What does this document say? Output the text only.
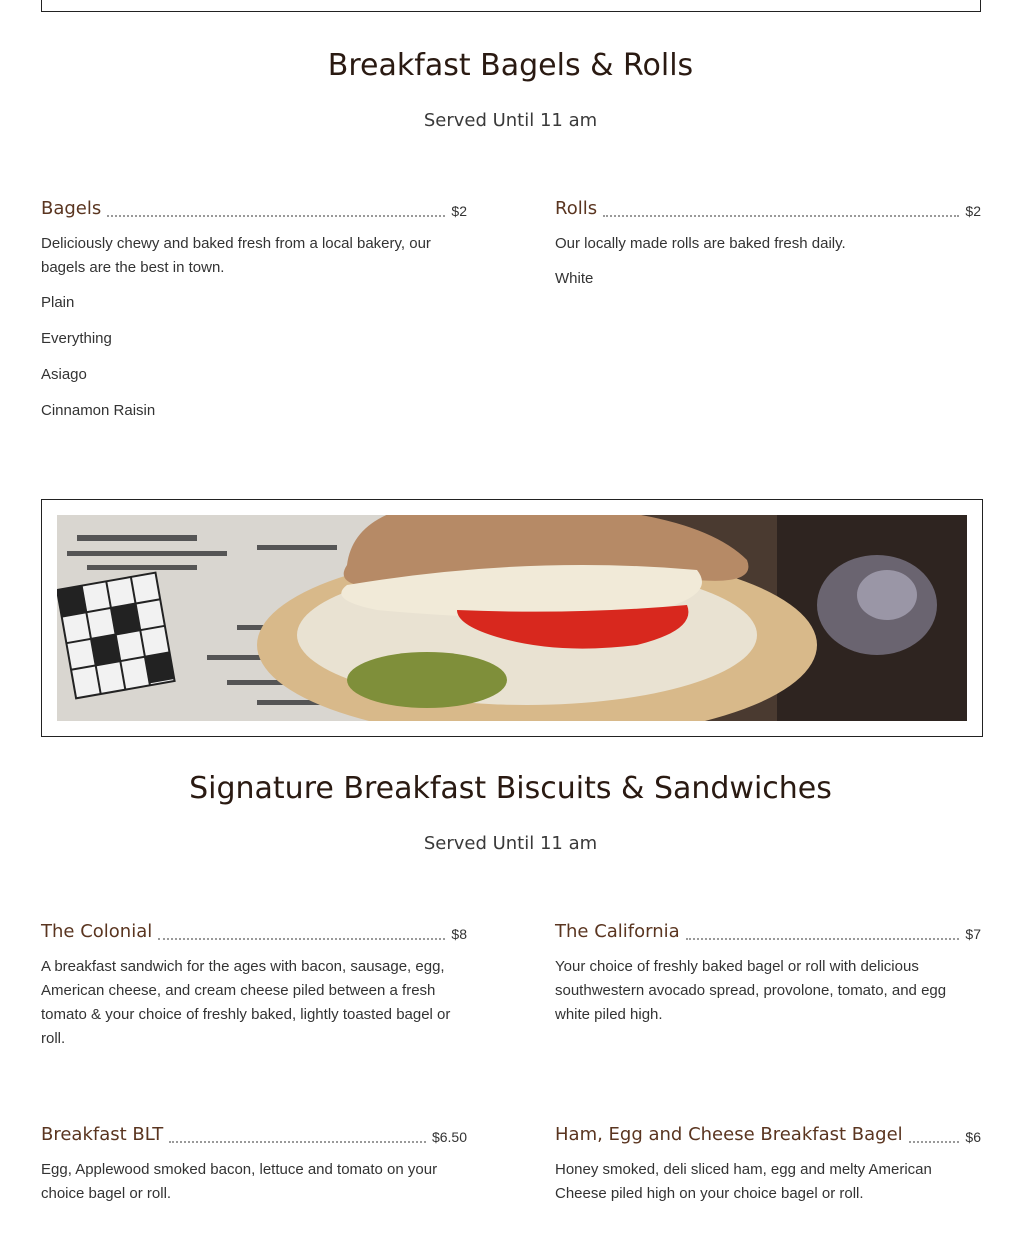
Breakfast Bagels & Rolls
Served Until 11 am
Bagels	$2
Deliciously chewy and baked fresh from a local bakery, our bagels are the best in town.
Plain
Everything
Asiago
Cinnamon Raisin
Rolls	$2
Our locally made rolls are baked fresh daily.
White
Signature Breakfast Biscuits & Sandwiches
Served Until 11 am
The Colonial	$8
A breakfast sandwich for the ages with bacon, sausage, egg, American cheese, and cream cheese piled between a fresh tomato & your choice of freshly baked, lightly toasted bagel or roll.
The California	$7
Your choice of freshly baked bagel or roll with delicious southwestern avocado spread, provolone, tomato, and egg white piled high.
Breakfast BLT	$6.50
Egg, Applewood smoked bacon, lettuce and tomato on your choice bagel or roll.
Ham, Egg and Cheese Breakfast Bagel	$6
Honey smoked, deli sliced ham, egg and melty American Cheese piled high on your choice bagel or roll.
